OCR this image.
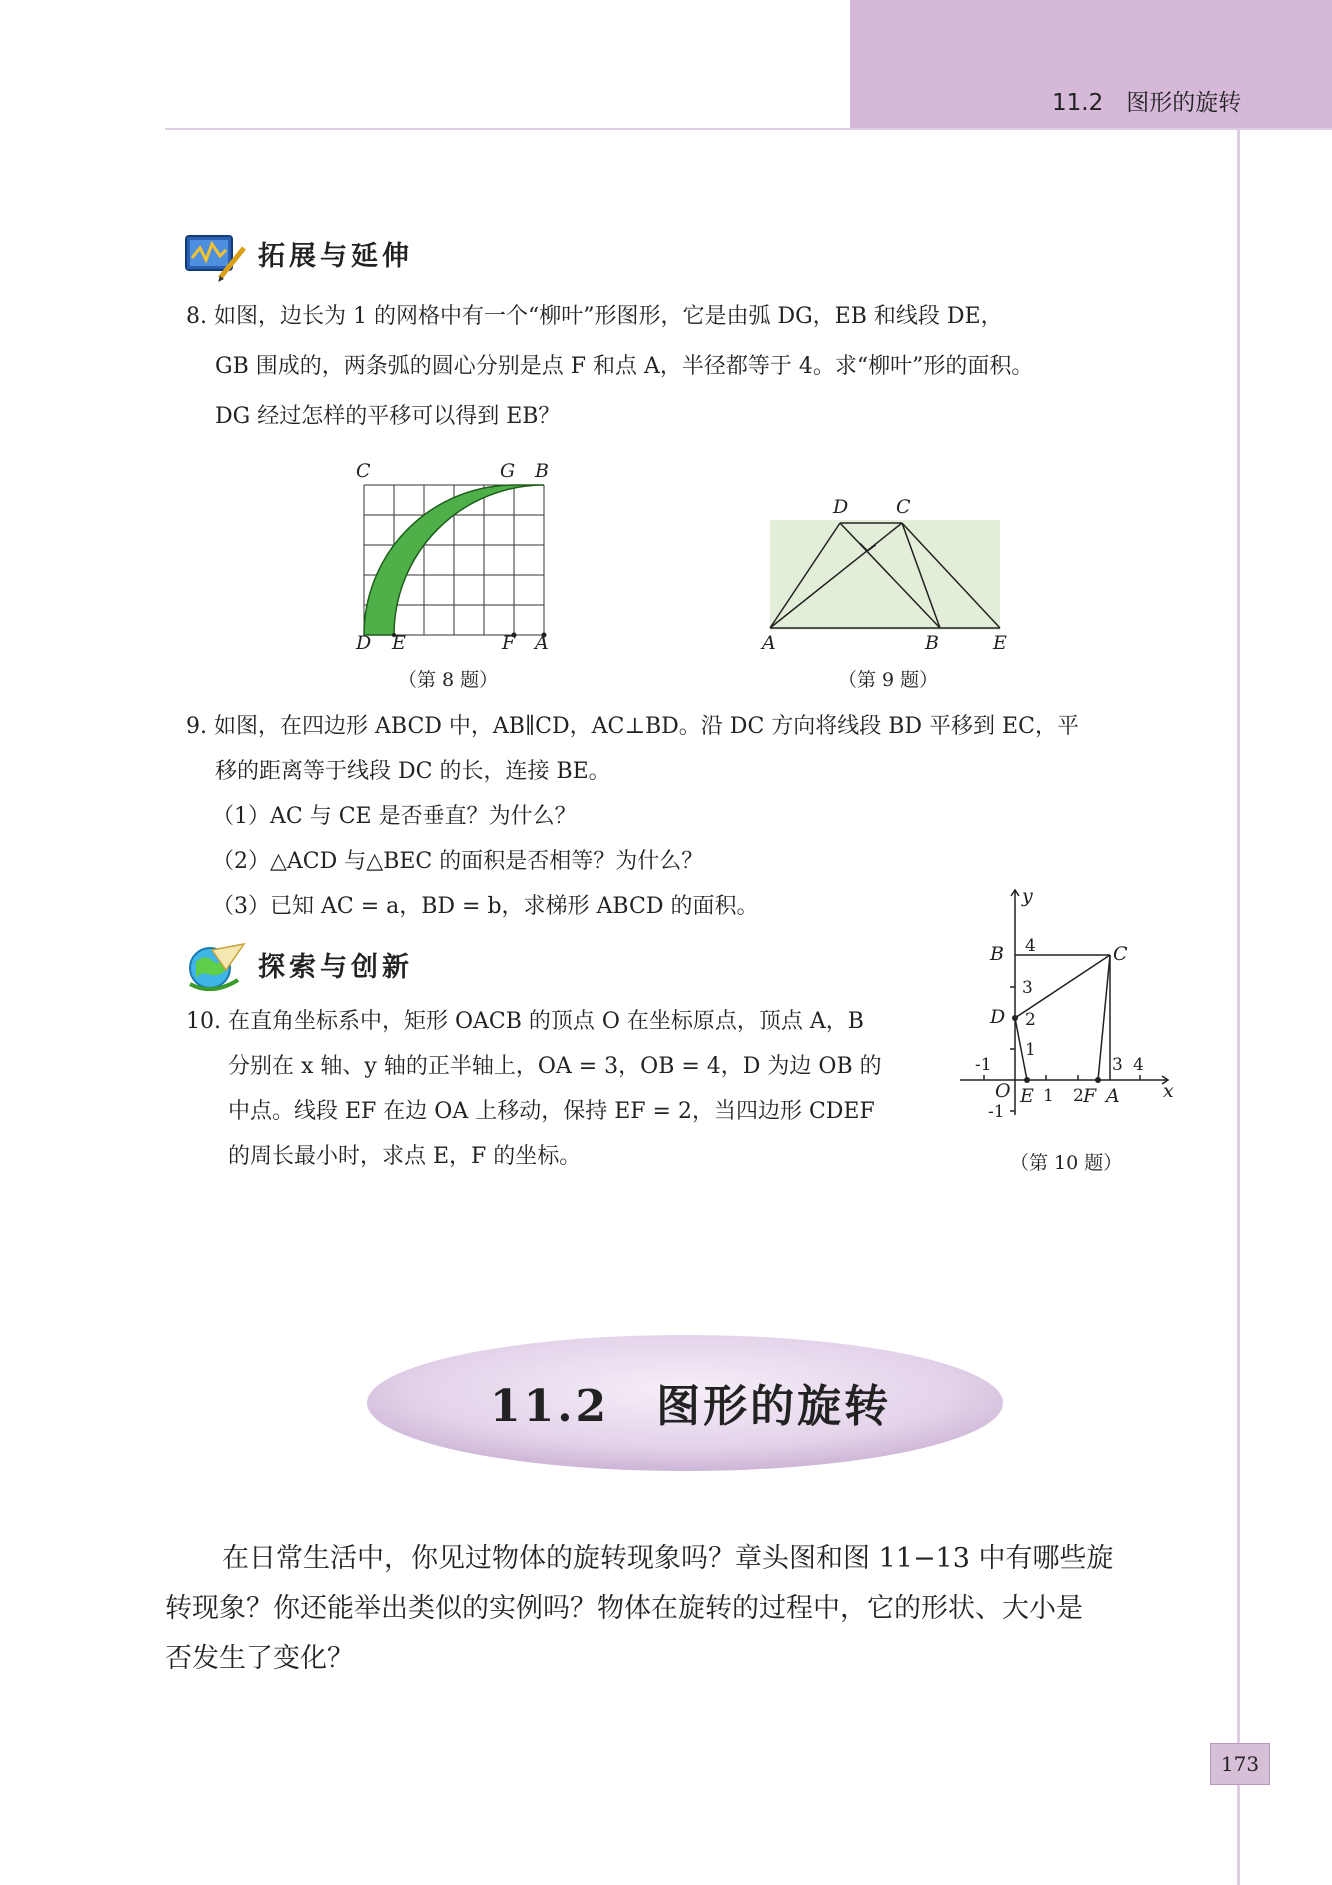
11.2　图形的旋转
拓展与延伸
8. 如图，边长为 1 的网格中有一个“柳叶”形图形，它是由弧 DG，EB 和线段 DE，
GB 围成的，两条弧的圆心分别是点 F 和点 A，半径都等于 4。求“柳叶”形的面积。
DG 经过怎样的平移可以得到 EB？
C	G B
D E	F A
（第 8 题）
D	C
A	B	E
（第 9 题）
9. 如图，在四边形 ABCD 中，AB∥CD，AC⊥BD。沿 DC 方向将线段 BD 平移到 EC，平
移的距离等于线段 DC 的长，连接 BE。
（1）AC 与 CE 是否垂直？为什么？
（2）△ACD 与△BEC 的面积是否相等？为什么？
（3）已知 AC = a，BD = b，求梯形 ABCD 的面积。
探索与创新
10. 在直角坐标系中，矩形 OACB 的顶点 O 在坐标原点，顶点 A，B
分别在 x 轴、y 轴的正半轴上，OA = 3，OB = 4，D 为边 OB 的
中点。线段 EF 在边 OA 上移动，保持 EF = 2，当四边形 CDEF
的周长最小时，求点 E，F 的坐标。
y
B	C
D
O E	F A x
4
3
2
1
-1
1 2
3 4
-1
（第 10 题）
11.2　图形的旋转
在日常生活中，你见过物体的旋转现象吗？章头图和图 11−13 中有哪些旋
转现象？你还能举出类似的实例吗？物体在旋转的过程中，它的形状、大小是
否发生了变化？
173
